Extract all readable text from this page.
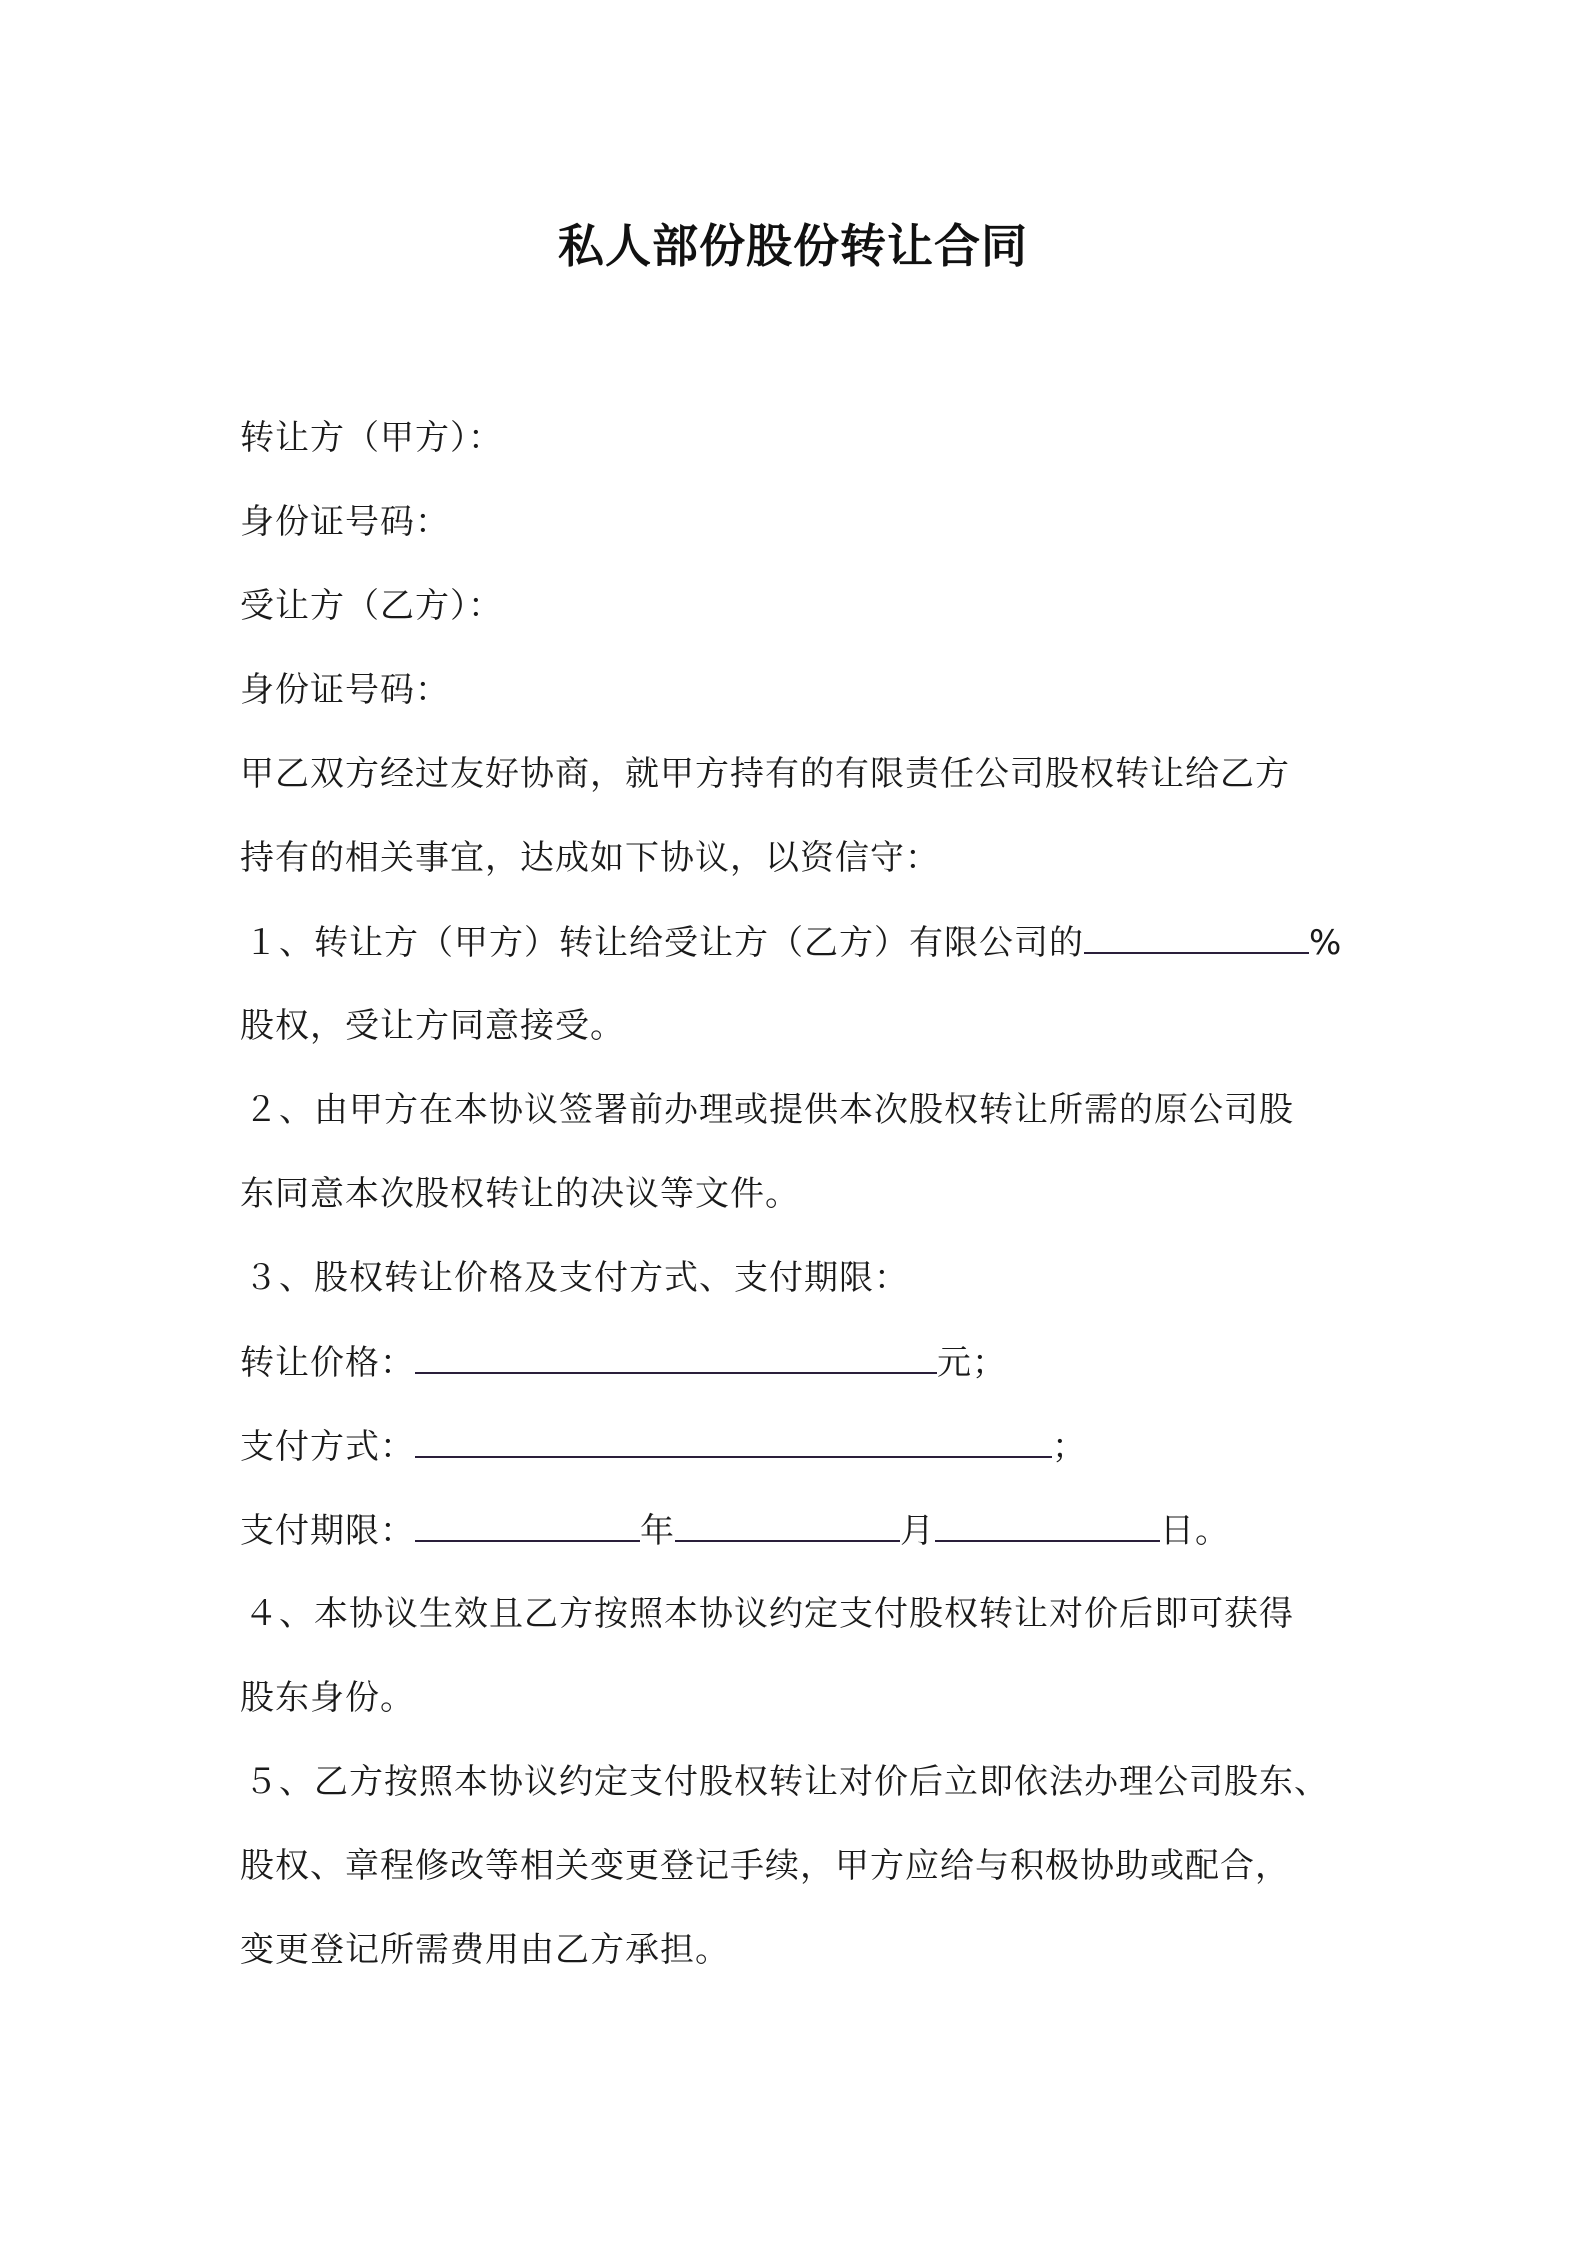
私人部份股份转让合同
转让方（甲方）：
身份证号码：
受让方（乙方）：
身份证号码：
甲乙双方经过友好协商，就甲方持有的有限责任公司股权转让给乙方
持有的相关事宜，达成如下协议，以资信守：
１、转让方（甲方）转让给受让方（乙方）有限公司的	%
股权，受让方同意接受。
２、由甲方在本协议签署前办理或提供本次股权转让所需的原公司股
东同意本次股权转让的决议等文件。
３、股权转让价格及支付方式、支付期限：
转让价格：	元；
支付方式：	；
支付期限：	年	月	日。
４、本协议生效且乙方按照本协议约定支付股权转让对价后即可获得
股东身份。
５、乙方按照本协议约定支付股权转让对价后立即依法办理公司股东、
股权、章程修改等相关变更登记手续，甲方应给与积极协助或配合，
变更登记所需费用由乙方承担。
